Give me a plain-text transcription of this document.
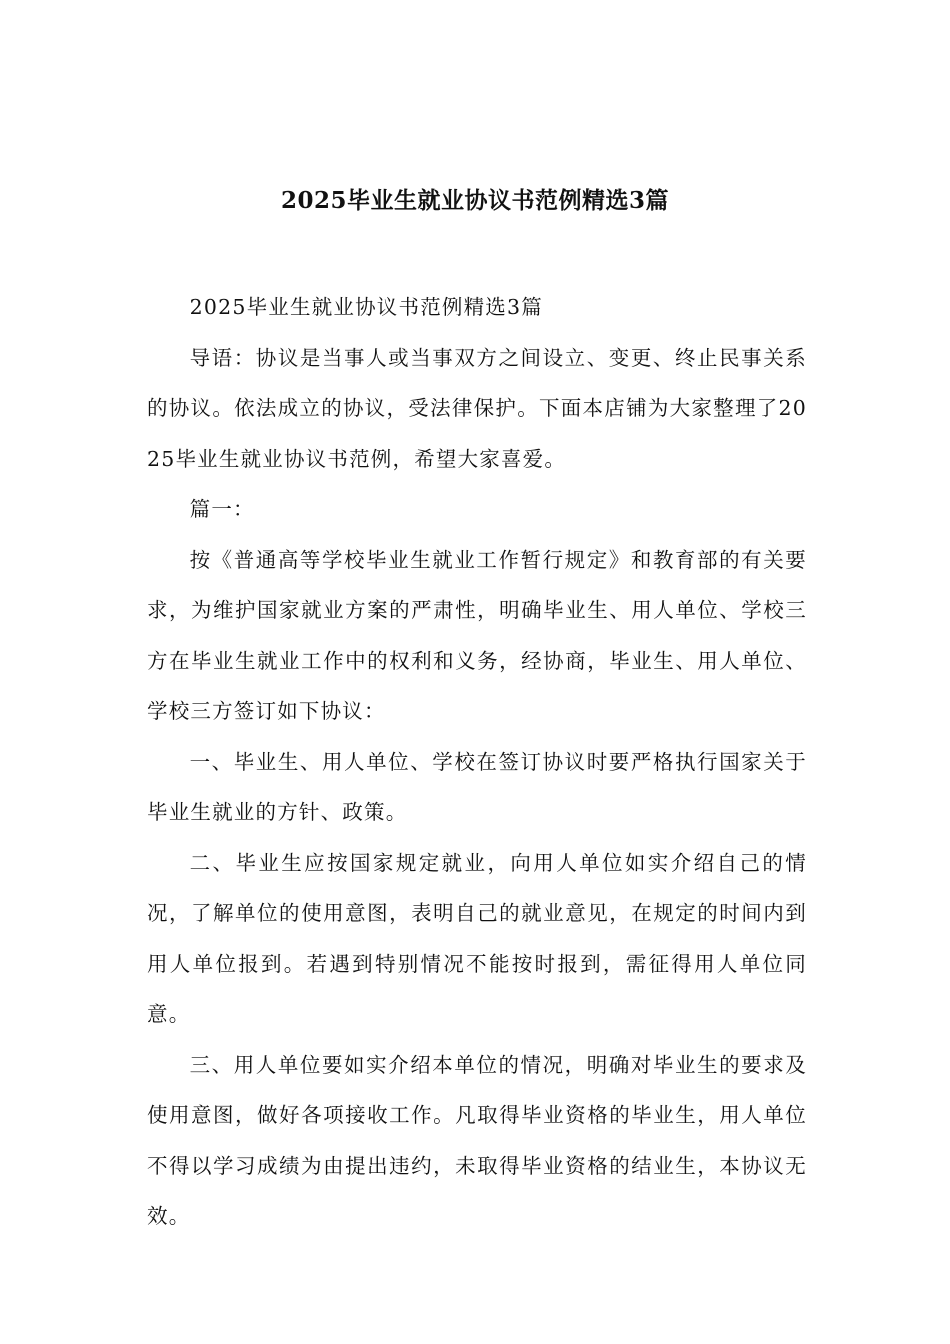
2025毕业生就业协议书范例精选3篇

2025毕业生就业协议书范例精选3篇

导语：协议是当事人或当事双方之间设立、变更、终止民事关系的协议。依法成立的协议，受法律保护。下面本店铺为大家整理了2025毕业生就业协议书范例，希望大家喜爱。

篇一：

按《普通高等学校毕业生就业工作暂行规定》和教育部的有关要求，为维护国家就业方案的严肃性，明确毕业生、用人单位、学校三方在毕业生就业工作中的权利和义务，经协商，毕业生、用人单位、学校三方签订如下协议：

一、毕业生、用人单位、学校在签订协议时要严格执行国家关于毕业生就业的方针、政策。

二、毕业生应按国家规定就业，向用人单位如实介绍自己的情况，了解单位的使用意图，表明自己的就业意见，在规定的时间内到用人单位报到。若遇到特别情况不能按时报到，需征得用人单位同意。

三、用人单位要如实介绍本单位的情况，明确对毕业生的要求及使用意图，做好各项接收工作。凡取得毕业资格的毕业生，用人单位不得以学习成绩为由提出违约，未取得毕业资格的结业生，本协议无效。
